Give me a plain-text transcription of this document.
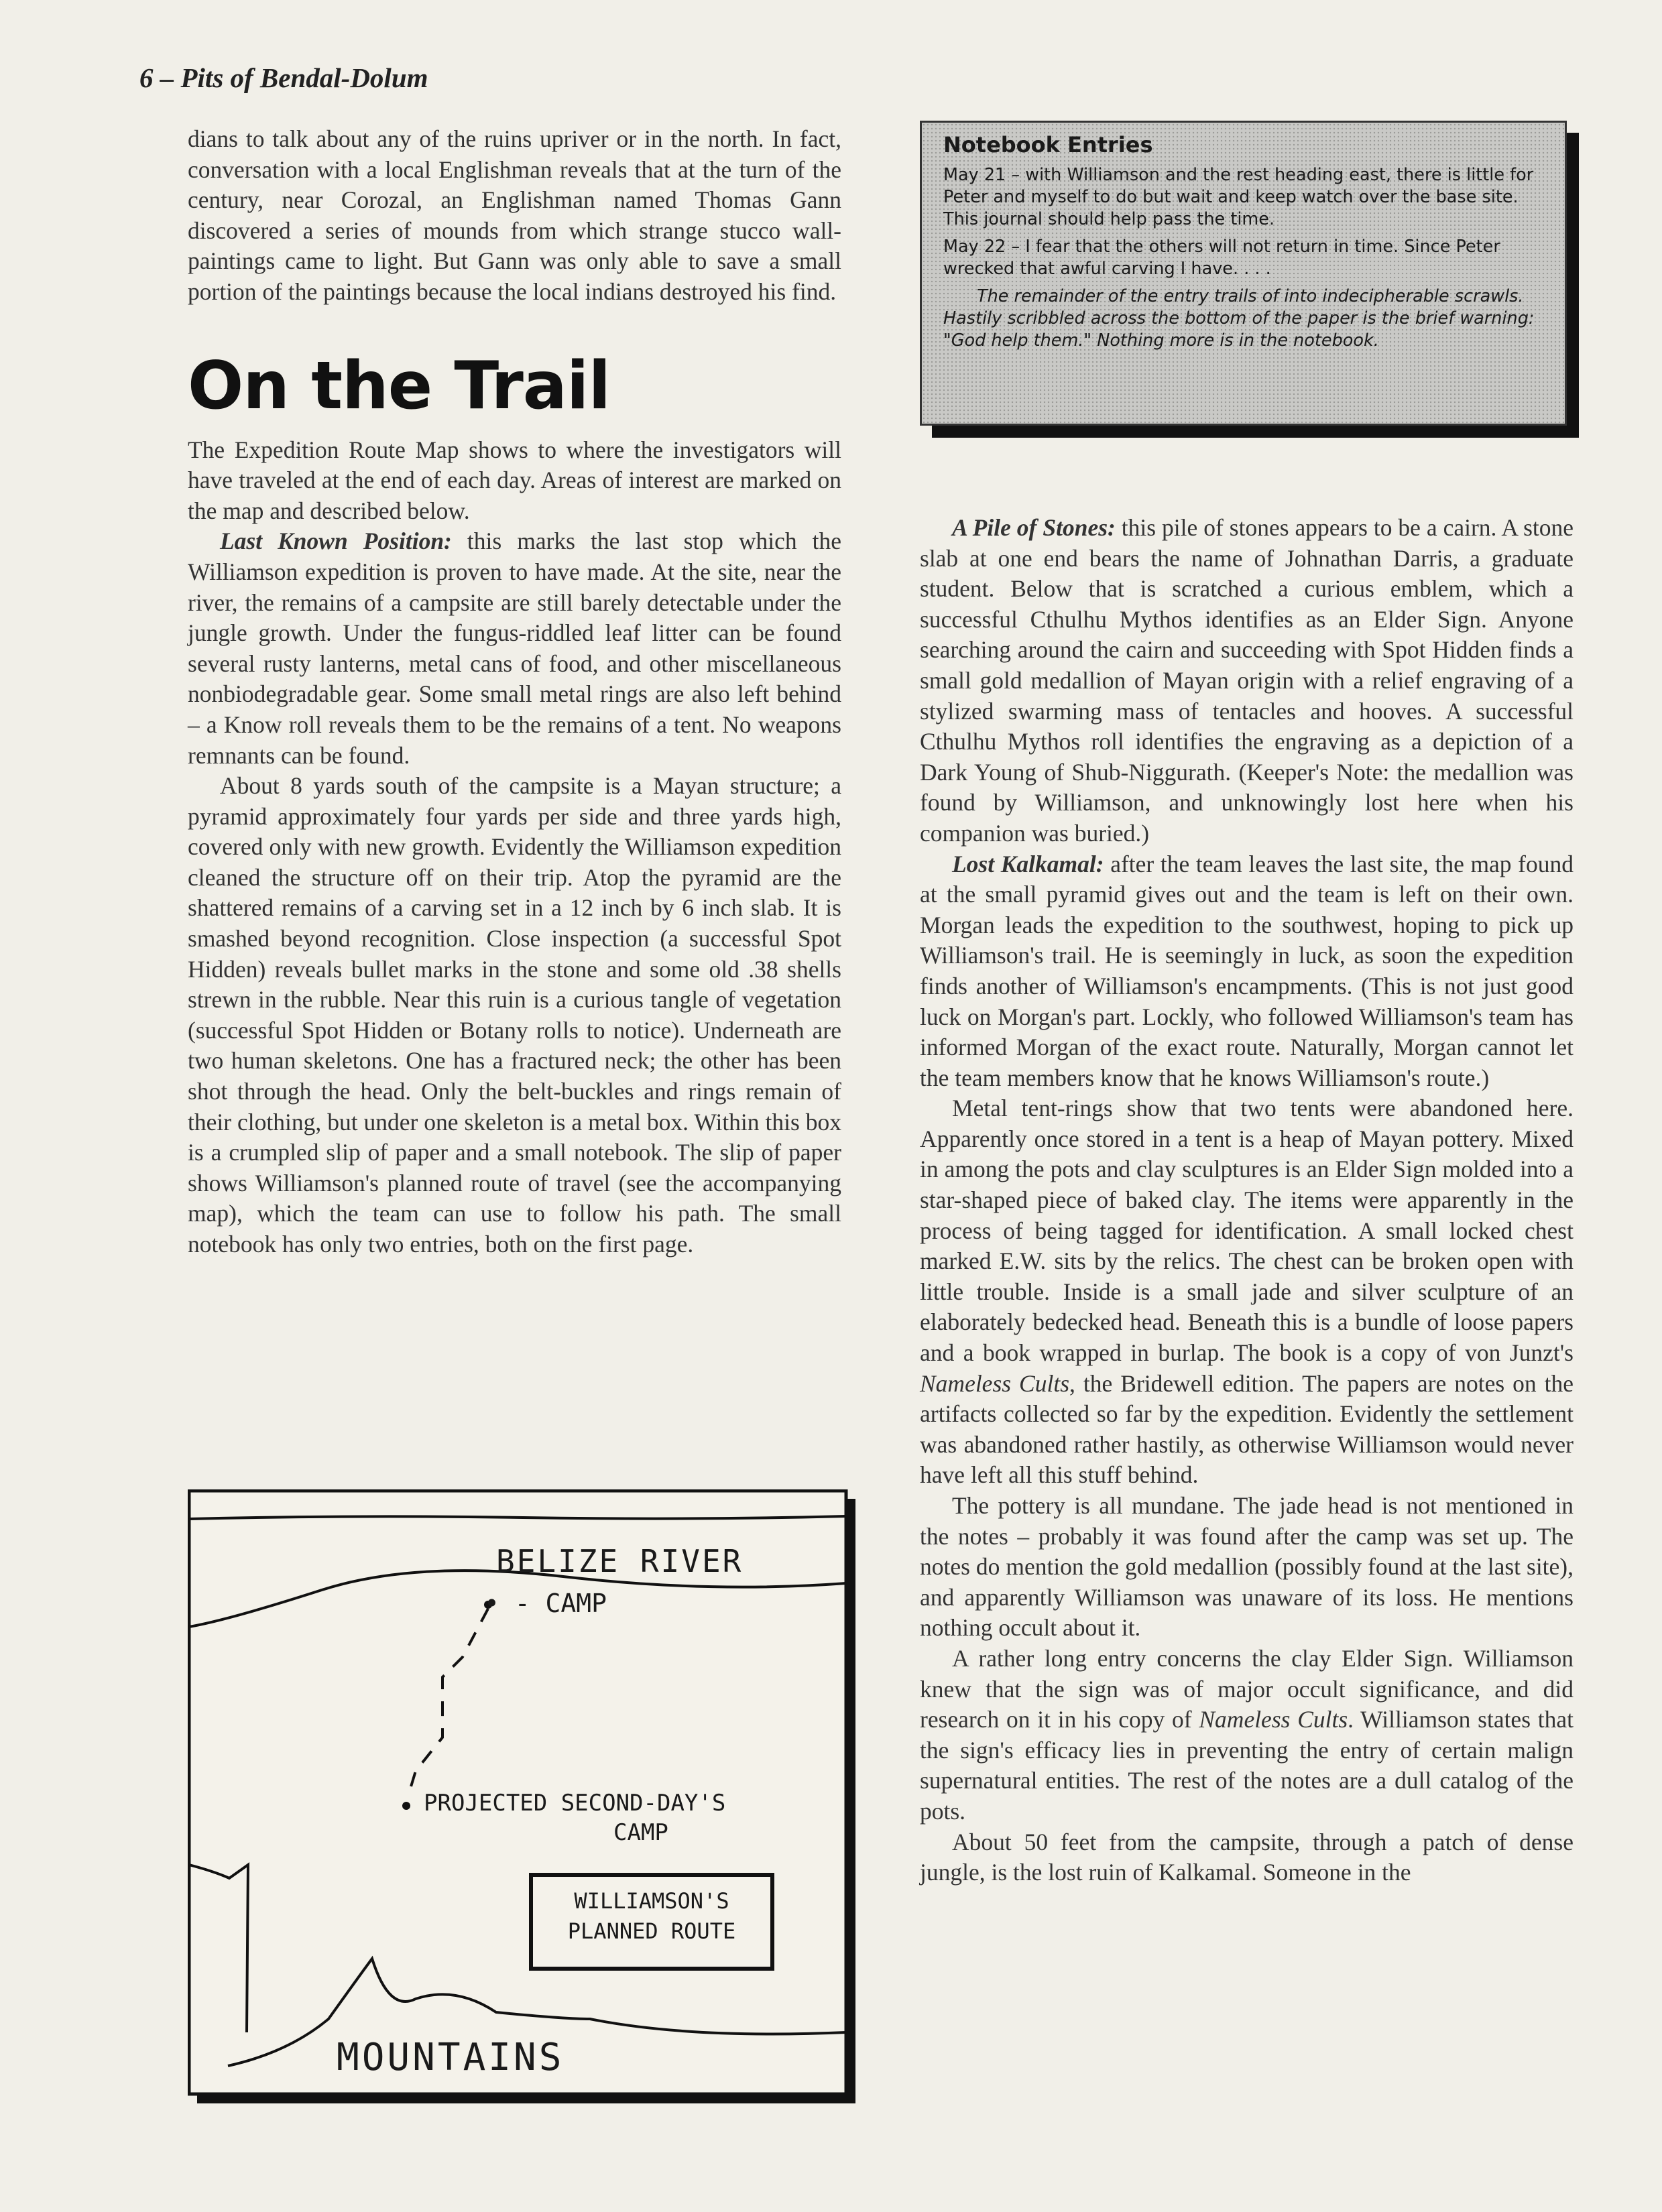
6 – Pits of Bendal-Dolum

dians to talk about any of the ruins upriver or in the north. In fact, conversation with a local Englishman reveals that at the turn of the century, near Corozal, an Englishman named Thomas Gann discovered a series of mounds from which strange stucco wall-paintings came to light. But Gann was only able to save a small portion of the paintings because the local indians destroyed his find.

On the Trail

The Expedition Route Map shows to where the investigators will have traveled at the end of each day. Areas of interest are marked on the map and described below.

Last Known Position: this marks the last stop which the Williamson expedition is proven to have made. At the site, near the river, the remains of a campsite are still barely detectable under the jungle growth. Under the fungus-riddled leaf litter can be found several rusty lanterns, metal cans of food, and other miscellaneous nonbiodegradable gear. Some small metal rings are also left behind – a Know roll reveals them to be the remains of a tent. No weapons remnants can be found.

About 8 yards south of the campsite is a Mayan structure; a pyramid approximately four yards per side and three yards high, covered only with new growth. Evidently the Williamson expedition cleaned the structure off on their trip. Atop the pyramid are the shattered remains of a carving set in a 12 inch by 6 inch slab. It is smashed beyond recognition. Close inspection (a successful Spot Hidden) reveals bullet marks in the stone and some old .38 shells strewn in the rubble. Near this ruin is a curious tangle of vegetation (successful Spot Hidden or Botany rolls to notice). Underneath are two human skeletons. One has a fractured neck; the other has been shot through the head. Only the belt-buckles and rings remain of their clothing, but under one skeleton is a metal box. Within this box is a crumpled slip of paper and a small notebook. The slip of paper shows Williamson's planned route of travel (see the accompanying map), which the team can use to follow his path. The small notebook has only two entries, both on the first page.

Notebook Entries

May 21 – with Williamson and the rest heading east, there is little for Peter and myself to do but wait and keep watch over the base site. This journal should help pass the time.

May 22 – I fear that the others will not return in time. Since Peter wrecked that awful carving I have. . . .

The remainder of the entry trails of into indecipherable scrawls. Hastily scribbled across the bottom of the paper is the brief warning: "God help them." Nothing more is in the notebook.

A Pile of Stones: this pile of stones appears to be a cairn. A stone slab at one end bears the name of Johnathan Darris, a graduate student. Below that is scratched a curious emblem, which a successful Cthulhu Mythos identifies as an Elder Sign. Anyone searching around the cairn and succeeding with Spot Hidden finds a small gold medallion of Mayan origin with a relief engraving of a stylized swarming mass of tentacles and hooves. A successful Cthulhu Mythos roll identifies the engraving as a depiction of a Dark Young of Shub-Niggurath. (Keeper's Note: the medallion was found by Williamson, and unknowingly lost here when his companion was buried.)

Lost Kalkamal: after the team leaves the last site, the map found at the small pyramid gives out and the team is left on their own. Morgan leads the expedition to the southwest, hoping to pick up Williamson's trail. He is seemingly in luck, as soon the expedition finds another of Williamson's encampments. (This is not just good luck on Morgan's part. Lockly, who followed Williamson's team has informed Morgan of the exact route. Naturally, Morgan cannot let the team members know that he knows Williamson's route.)

Metal tent-rings show that two tents were abandoned here. Apparently once stored in a tent is a heap of Mayan pottery. Mixed in among the pots and clay sculptures is an Elder Sign molded into a star-shaped piece of baked clay. The items were apparently in the process of being tagged for identification. A small locked chest marked E.W. sits by the relics. The chest can be broken open with little trouble. Inside is a small jade and silver sculpture of an elaborately bedecked head. Beneath this is a bundle of loose papers and a book wrapped in burlap. The book is a copy of von Junzt's Nameless Cults, the Bridewell edition. The papers are notes on the artifacts collected so far by the expedition. Evidently the settlement was abandoned rather hastily, as otherwise Williamson would never have left all this stuff behind.

The pottery is all mundane. The jade head is not mentioned in the notes – probably it was found after the camp was set up. The notes do mention the gold medallion (possibly found at the last site), and apparently Williamson was unaware of its loss. He mentions nothing occult about it.

A rather long entry concerns the clay Elder Sign. Williamson knew that the sign was of major occult significance, and did research on it in his copy of Nameless Cults. Williamson states that the sign's efficacy lies in preventing the entry of certain malign supernatural entities. The rest of the notes are a dull catalog of the pots.

About 50 feet from the campsite, through a patch of dense jungle, is the lost ruin of Kalkamal. Someone in the

BELIZE RIVER
• - CAMP
PROJECTED SECOND-DAY'S
CAMP
WILLIAMSON'S
PLANNED ROUTE
MOUNTAINS
